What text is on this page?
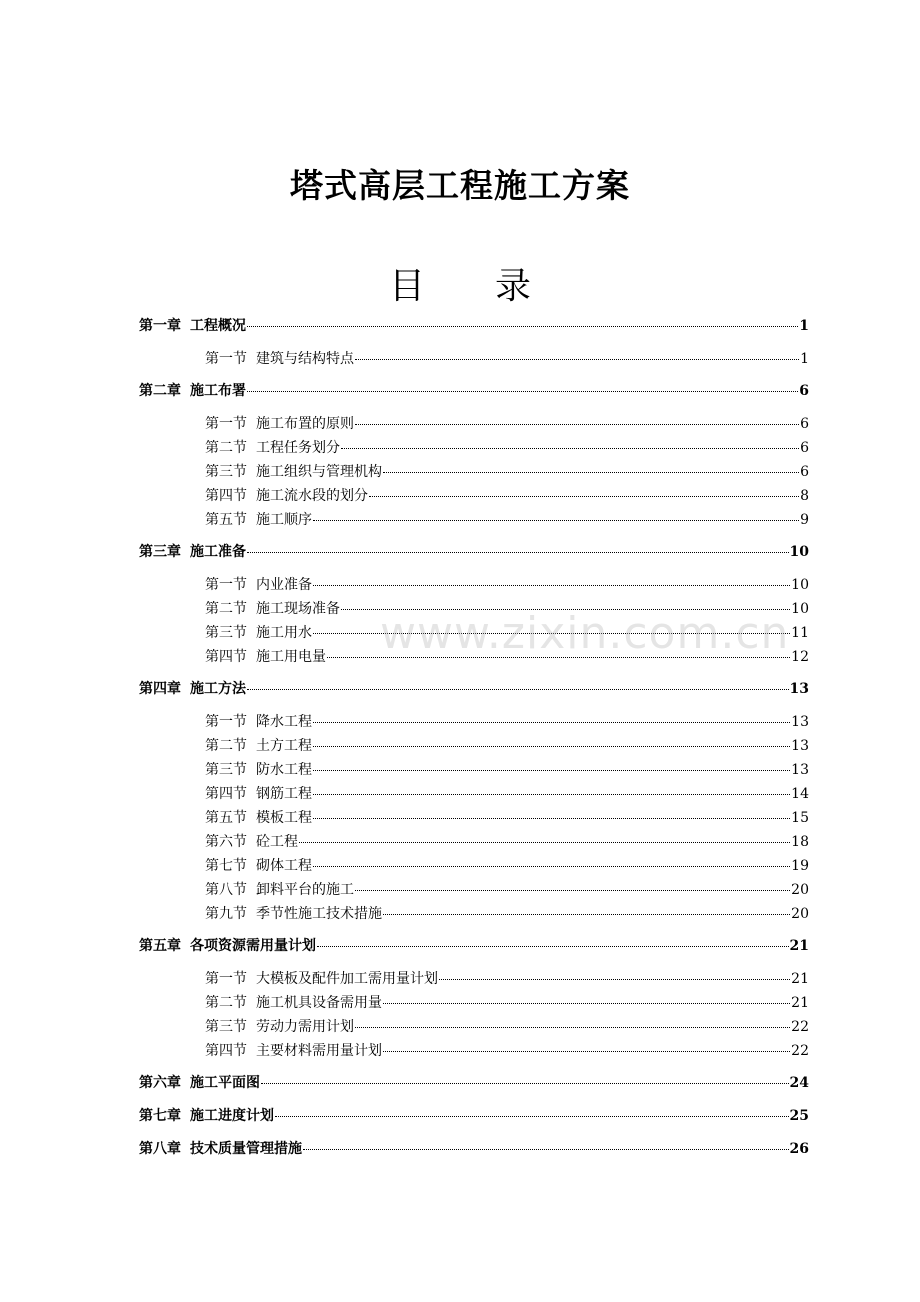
塔式高层工程施工方案
目 录
第一章 工程概况	1
第一节 建筑与结构特点	1
第二章 施工布署	6
第一节 施工布置的原则	6
第二节 工程任务划分	6
第三节 施工组织与管理机构	6
第四节 施工流水段的划分	8
第五节 施工顺序	9
第三章 施工准备	10
第一节 内业准备	10
第二节 施工现场准备	10
第三节 施工用水	11
第四节 施工用电量	12
第四章 施工方法	13
第一节 降水工程	13
第二节 土方工程	13
第三节 防水工程	13
第四节 钢筋工程	14
第五节 模板工程	15
第六节 砼工程	18
第七节 砌体工程	19
第八节 卸料平台的施工	20
第九节 季节性施工技术措施	20
第五章 各项资源需用量计划	21
第一节 大模板及配件加工需用量计划	21
第二节 施工机具设备需用量	21
第三节 劳动力需用计划	22
第四节 主要材料需用量计划	22
第六章 施工平面图	24
第七章 施工进度计划	25
第八章 技术质量管理措施	26
www.zixin.com.cn
